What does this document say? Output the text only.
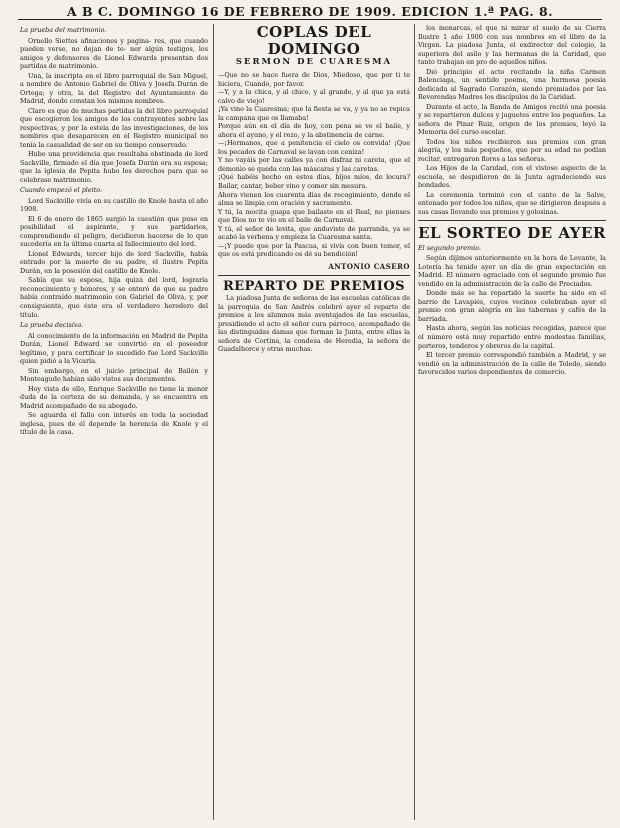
A B C. DOMINGO 16 DE FEBRERO DE 1909. EDICION 1.ª PAG. 8.
La prueba del matrimonio.

Ornello Siettes afinaciones y pagina- res, que cuando pueden verse, no dejan de te- ner algún testigos, los amigos y defensores de Lionel Edwards presentan dos partidas de matrimonio.

Una, la inscripta en el libro parroquial de San Miguel, a nombre de Antonio Gabriel de Oliva y Josefa Durán de Ortega; y otra, la del Registro del Ayuntamiento de Madrid, donde constan los mismos nombres.

Claro es que de muchas partidas la del libro parroquial que escogieron los amigos de los contrayentes sobre las respectivas, y por la estela de las investigaciones, de los nombres que desaparecen en el Registro municipal no tenía la casualidad de ser en su tiempo conservado.

Hubo una providencia que resultaba obstinada de lord Sackville, firmado el día que Josefa Durán era su esposa; que la iglesia de Pepita hubo los derechos para que se celebrase matrimonio.

Cuando empezó el pleito.

Lord Sackville vivía en su castillo de Knole hasta el año 1908.

El 6 de enero de 1865 surgió la cuestión que puso en posibilidad el aspirante, y sus partidarios, comprendiendo el peligro, decidieron hacerse de lo que sucedería en la última cuarta al fallecimiento del lord.

Lionel Edwards, tercer hijo de lord Sackville, había entrado por la muerte de su padre, el ilustre Pepita Durán, en la posesión del castillo de Knole.

Sabía que su esposa, hija quizá del lord, lograría reconocimiento y honores, y se enteró de que su padre había contraído matrimonio con Gabriel de Oliva, y, por consiguiente, que éste era el verdadero heredero del título.

La prueba decisiva.

Al conocimiento de la información en Madrid de Pepita Durán, Lionel Edward se convirtió en el poseedor legítimo, y para certificar lo sucedido fue Lord Sackville quien pidió a la Vicaría.

Sin embargo, en el juicio principal de Bailén y Monteagudo habían sido vistos sus documentos.

Hoy vista de ello, Enrique Sackville no tiene la menor duda de la certeza de su demanda, y se encuentra en Madrid acompañado de su abogado.

Se aguarda el fallo con interés en toda la sociedad inglesa, pues de él depende la herencia de Knole y el título de la casa.

COPLAS DEL DOMINGO
SERMON DE CUARESMA

—Que no se hace fuera de Dios, Miedoso, que por ti te hiciera, Cuando, por favor.

—Y, y a la chica, y al chico, y al grande, y al que ya está calvo de viejo!

¡Ya vino la Cuaresma; que la fiesta se va, y ya no se repica la campana que os llamaba!

Porque aún en el día de hoy, con pena se ve el baile, y ahora el ayuno, y el rezo, y la abstinencia de carne.

—¡Hermanos, que a penitencia el cielo os convida! ¡Que los pecados de Carnaval se lavan con ceniza!

Y no vayáis por las calles ya con disfraz ni careta, que el demonio se queda con las máscaras y las caretas.

¡Qué habéis hecho en estos días, hijos míos, de locura? Bailar, cantar, beber vino y comer sin mesura.

Ahora vienen los cuarenta días de recogimiento, donde el alma se limpia con oración y sacramento.

Y tú, la mocita guapa que bailaste en el Real, no pienses que Dios no te vio en el baile de Carnaval.

Y tú, el señor de levita, que anduviste de parranda, ya se acabó la verbena y empieza la Cuaresma santa.

—¡Y puede que por la Pascua, si vivís con buen temor, el que os está predicando os dé su bendición!

ANTONIO CASERO
REPARTO DE PREMIOS

La piadosa Junta de señoras de las escuelas católicas de la parroquia de San Andrés celebró ayer el reparto de premios a los alumnos más aventajados de las escuelas, presidiendo el acto el señor cura párroco, acompañado de las distinguidas damas que forman la Junta, entre ellas la señora de Cortina, la condesa de Heredia, la señora de Guadalhorce y otras muchas.

los monarcas, el que ni mirar el suelo de su Cierra Ilustre 1 año 1900 con sus nombres en el libro de la Virgen. La piadosa Junta, el exdirector del colegio, la superiora del asilo y las hermanas de la Caridad, que tanto trabajan en pro de aquellos niños.

Dió principio el acto recitando la niña Carmen Balenciaga, un sentido poema, una hermosa poesía dedicada al Sagrado Corazón, siendo premiados por las Reverendas Madres los discípulos de la Caridad.

Durante el acto, la Banda de Amigos recitó una poesía y se repartieron dulces y juguetes entre los pequeños. La señora de Pinar Ruiz, origen de los premios, leyó la Memoria del curso escolar.

Todos los niños recibieron sus premios con gran alegría, y los más pequeños, que por su edad no podían recitar, entregaron flores a las señoras.

Los Hijos de la Caridad, con el vistoso aspecto de la escuela, se despidieron de la Junta agradeciendo sus bondades.

La ceremonia terminó con el canto de la Salve, entonado por todos los niños, que se dirigieron después a sus casas llevando sus premios y golosinas.

EL SORTEO DE AYER
El segundo premio.

Según dijimos anteriormente en la hora de Levante, la Lotería ha tenido ayer un día de gran expectación en Madrid. El número agraciado con el segundo premio fue vendido en la administración de la calle de Preciados.

Donde más se ha repartido la suerte ha sido en el barrio de Lavapiés, cuyos vecinos celebraban ayer el premio con gran alegría en las tabernas y cafés de la barriada.

Hasta ahora, según las noticias recogidas, parece que el número está muy repartido entre modestas familias, porteros, tenderos y obreros de la capital.

El tercer premio correspondió también a Madrid, y se vendió en la administración de la calle de Toledo, siendo favorecidos varios dependientes de comercio.
